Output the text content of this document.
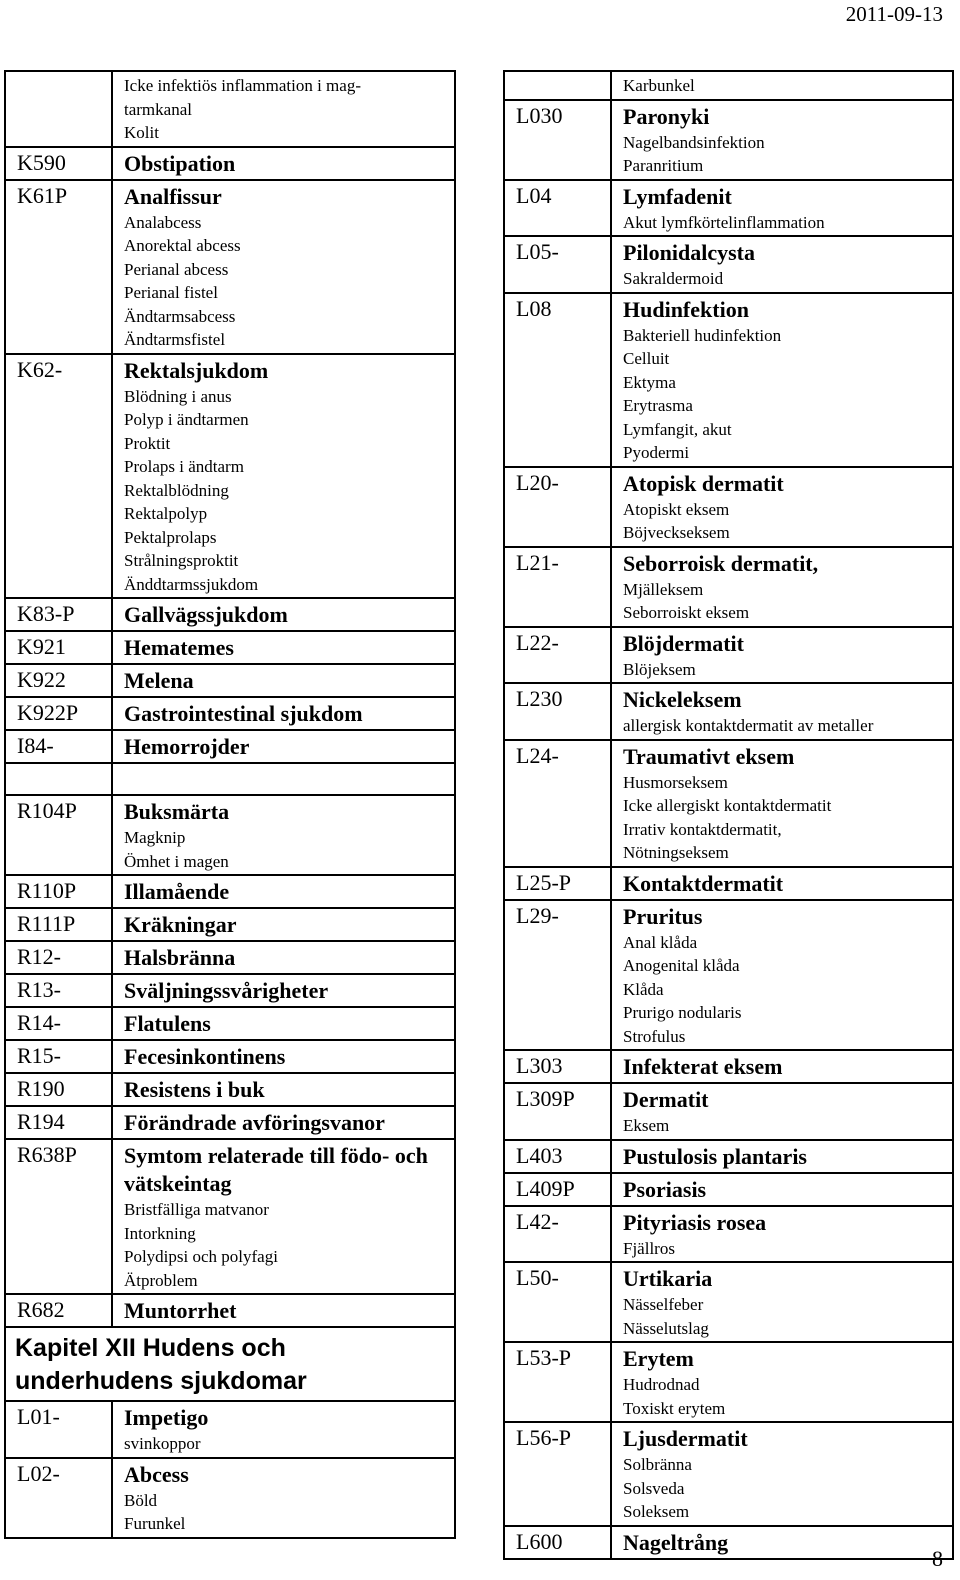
2011-09-13
Icke infektiös inflammation i mag-
tarmkanal
Kolit
K590	Obstipation
K61P	Analfissur
Analabcess
Anorektal abcess
Perianal abcess
Perianal fistel
Ändtarmsabcess
Ändtarmsfistel
K62-	Rektalsjukdom
Blödning i anus
Polyp i ändtarmen
Proktit
Prolaps i ändtarm
Rektalblödning
Rektalpolyp
Pektalprolaps
Strålningsproktit
Änddtarmssjukdom
K83-P	Gallvägssjukdom
K921	Hematemes
K922	Melena
K922P	Gastrointestinal sjukdom
I84-	Hemorrojder
R104P	Buksmärta
Magknip
Ömhet i magen
R110P	Illamående
R111P	Kräkningar
R12-	Halsbränna
R13-	Sväljningssvårigheter
R14-	Flatulens
R15-	Fecesinkontinens
R190	Resistens i buk
R194	Förändrade avföringsvanor
R638P	Symtom relaterade till födo- och vätskeintag
Bristfälliga matvanor
Intorkning
Polydipsi och polyfagi
Ätproblem
R682	Muntorrhet
Kapitel XII Hudens och
underhudens sjukdomar
L01-	Impetigo
svinkoppor
L02-	Abcess
Böld
Furunkel
Karbunkel
L030	Paronyki
Nagelbandsinfektion
Paranritium
L04	Lymfadenit
Akut lymfkörtelinflammation
L05-	Pilonidalcysta
Sakraldermoid
L08	Hudinfektion
Bakteriell hudinfektion
Celluit
Ektyma
Erytrasma
Lymfangit, akut
Pyodermi
L20-	Atopisk dermatit
Atopiskt eksem
Böjveckseksem
L21-	Seborroisk dermatit,
Mjälleksem
Seborroiskt eksem
L22-	Blöjdermatit
Blöjeksem
L230	Nickeleksem
allergisk kontaktdermatit av metaller
L24-	Traumativt eksem
Husmorseksem
Icke allergiskt kontaktdermatit
Irrativ kontaktdermatit,
Nötningseksem
L25-P	Kontaktdermatit
L29-	Pruritus
Anal klåda
Anogenital klåda
Klåda
Prurigo nodularis
Strofulus
L303	Infekterat eksem
L309P	Dermatit
Eksem
L403	Pustulosis plantaris
L409P	Psoriasis
L42-	Pityriasis rosea
Fjällros
L50-	Urtikaria
Nässelfeber
Nässelutslag
L53-P	Erytem
Hudrodnad
Toxiskt erytem
L56-P	Ljusdermatit
Solbränna
Solsveda
Soleksem
L600	Nageltrång
8
